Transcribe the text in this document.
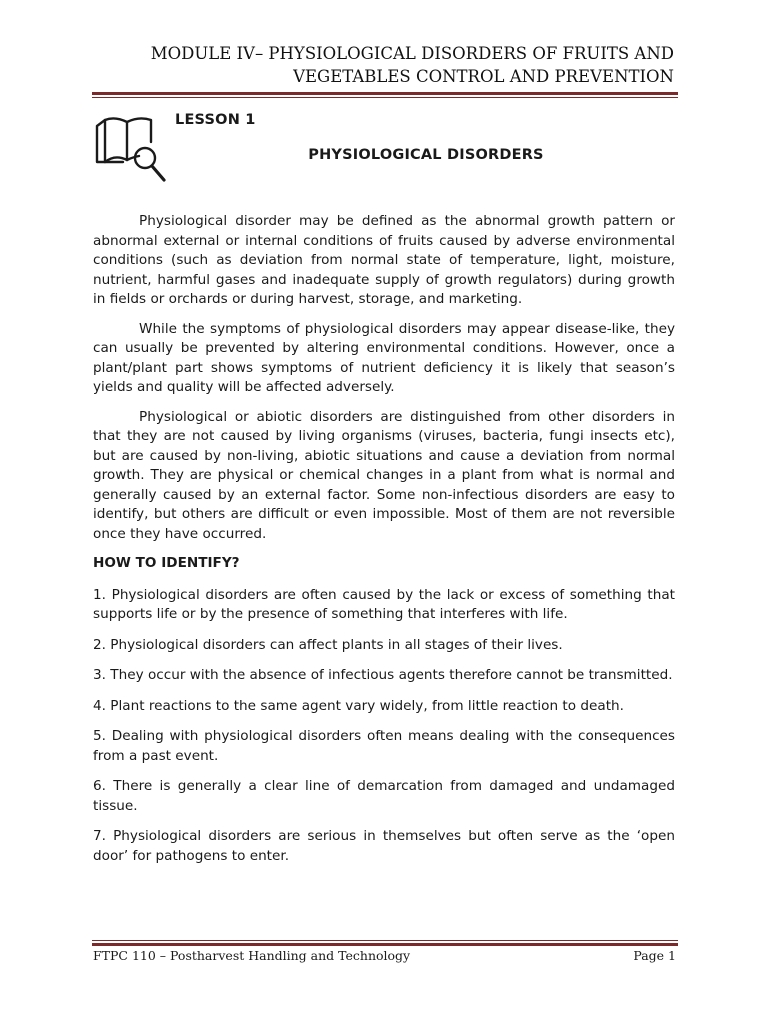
MODULE IV– PHYSIOLOGICAL DISORDERS OF FRUITS AND
VEGETABLES CONTROL AND PREVENTION
LESSON 1
PHYSIOLOGICAL DISORDERS

Physiological disorder may be defined as the abnormal growth pattern or abnormal external or internal conditions of fruits caused by adverse environmental conditions (such as deviation from normal state of temperature, light, moisture, nutrient, harmful gases and inadequate supply of growth regulators) during growth in fields or orchards or during harvest, storage, and marketing.

While the symptoms of physiological disorders may appear disease-like, they can usually be prevented by altering environmental conditions. However, once a plant/plant part shows symptoms of nutrient deficiency it is likely that season’s yields and quality will be affected adversely.

Physiological or abiotic disorders are distinguished from other disorders in that they are not caused by living organisms (viruses, bacteria, fungi insects etc), but are caused by non-living, abiotic situations and cause a deviation from normal growth. They are physical or chemical changes in a plant from what is normal and generally caused by an external factor. Some non-infectious disorders are easy to identify, but others are difficult or even impossible. Most of them are not reversible once they have occurred.

HOW TO IDENTIFY?

1. Physiological disorders are often caused by the lack or excess of something that supports life or by the presence of something that interferes with life.

2. Physiological disorders can affect plants in all stages of their lives.

3. They occur with the absence of infectious agents therefore cannot be transmitted.

4. Plant reactions to the same agent vary widely, from little reaction to death.

5. Dealing with physiological disorders often means dealing with the consequences from a past event.

6. There is generally a clear line of demarcation from damaged and undamaged tissue.

7. Physiological disorders are serious in themselves but often serve as the ‘open door’ for pathogens to enter.

FTPC 110 – Postharvest Handling and Technology	Page 1
